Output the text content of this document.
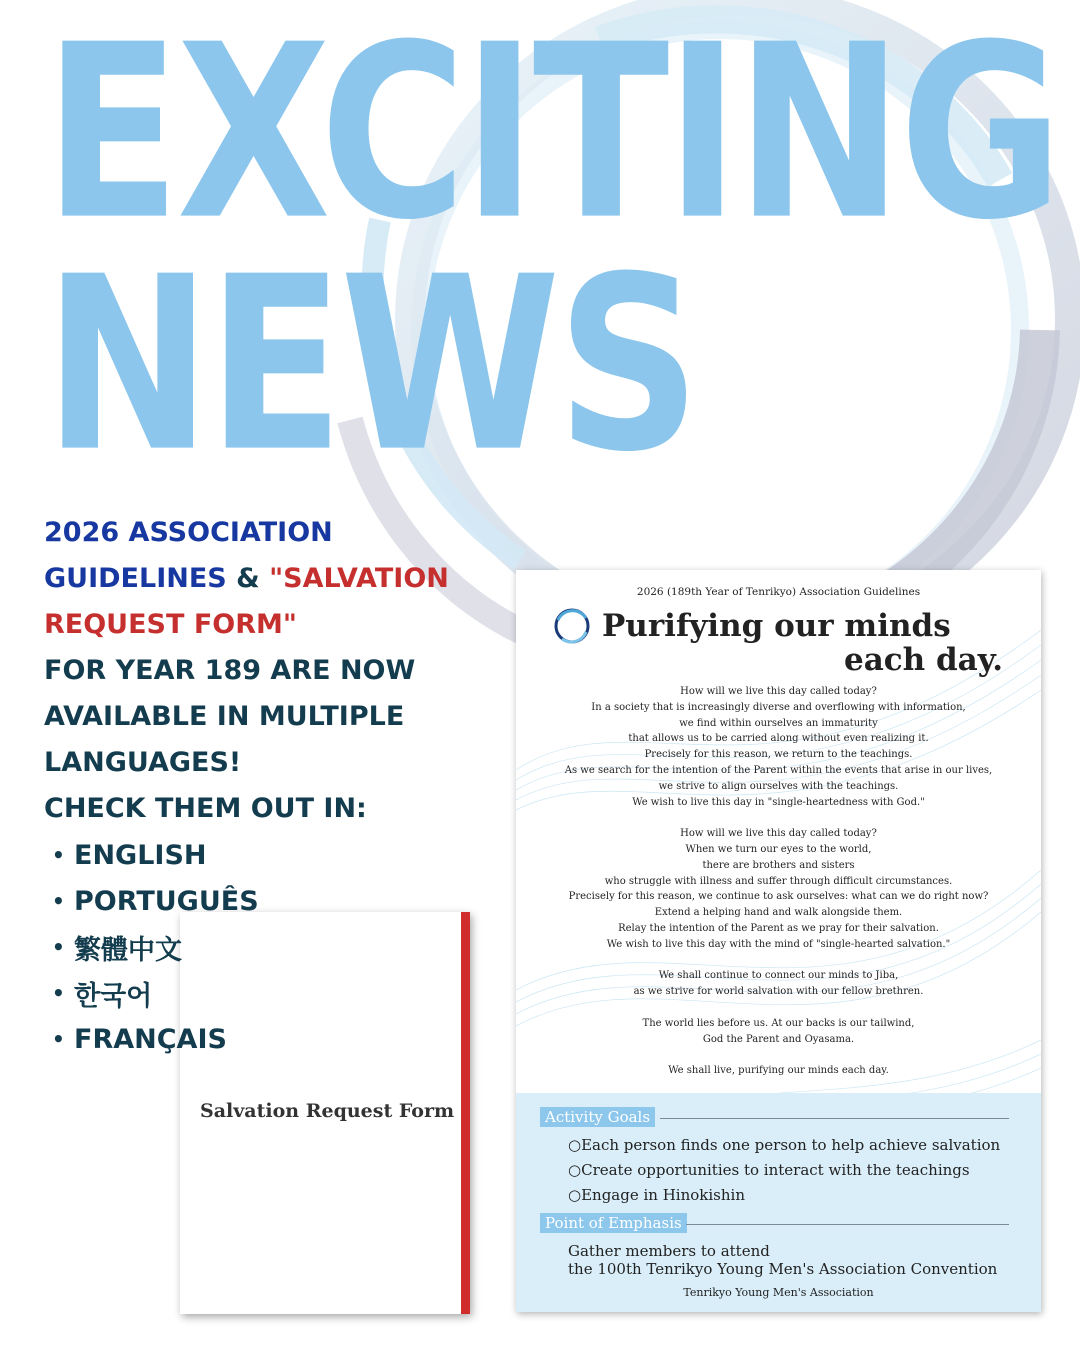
EXCITING
NEWS
2026 ASSOCIATION
GUIDELINES & "SALVATION
REQUEST FORM"
FOR YEAR 189 ARE NOW
AVAILABLE IN MULTIPLE
LANGUAGES!
CHECK THEM OUT IN:
Salvation Request Form
• ENGLISH
• PORTUGUÊS
• 繁體中文
• 한국어
• FRANÇAIS
2026 (189th Year of Tenrikyo) Association Guidelines
Purifying our minds
each day.
How will we live this day called today?
In a society that is increasingly diverse and overflowing with information,
we find within ourselves an immaturity
that allows us to be carried along without even realizing it.
Precisely for this reason, we return to the teachings.
As we search for the intention of the Parent within the events that arise in our lives,
we strive to align ourselves with the teachings.
We wish to live this day in "single-heartedness with God."
How will we live this day called today?
When we turn our eyes to the world,
there are brothers and sisters
who struggle with illness and suffer through difficult circumstances.
Precisely for this reason, we continue to ask ourselves: what can we do right now?
Extend a helping hand and walk alongside them.
Relay the intention of the Parent as we pray for their salvation.
We wish to live this day with the mind of "single-hearted salvation."
We shall continue to connect our minds to Jiba,
as we strive for world salvation with our fellow brethren.
The world lies before us. At our backs is our tailwind,
God the Parent and Oyasama.
We shall live, purifying our minds each day.
Activity Goals
○Each person finds one person to help achieve salvation
○Create opportunities to interact with the teachings
○Engage in Hinokishin
Point of Emphasis
Gather members to attend
the 100th Tenrikyo Young Men's Association Convention
Tenrikyo Young Men's Association
